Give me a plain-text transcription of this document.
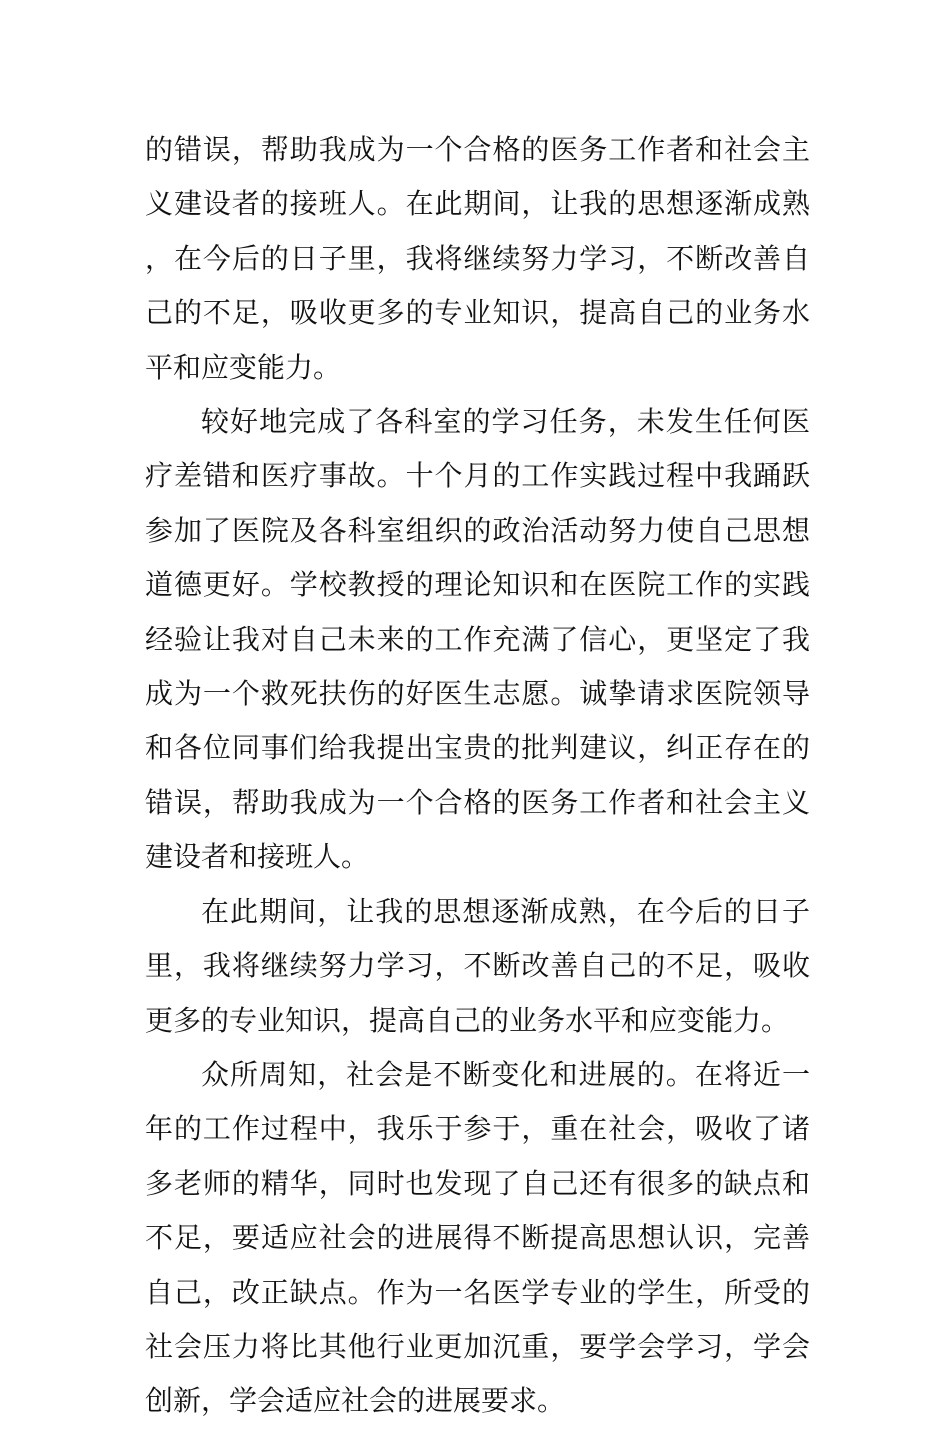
的错误，帮助我成为一个合格的医务工作者和社会主义建设者的接班人。在此期间，让我的思想逐渐成熟，在今后的日子里，我将继续努力学习，不断改善自己的不足，吸收更多的专业知识，提高自己的业务水平和应变能力。

较好地完成了各科室的学习任务，未发生任何医疗差错和医疗事故。十个月的工作实践过程中我踊跃参加了医院及各科室组织的政治活动努力使自己思想道德更好。学校教授的理论知识和在医院工作的实践经验让我对自己未来的工作充满了信心，更坚定了我成为一个救死扶伤的好医生志愿。诚挚请求医院领导和各位同事们给我提出宝贵的批判建议，纠正存在的错误，帮助我成为一个合格的医务工作者和社会主义建设者和接班人。

在此期间，让我的思想逐渐成熟，在今后的日子里，我将继续努力学习，不断改善自己的不足，吸收更多的专业知识，提高自己的业务水平和应变能力。

众所周知，社会是不断变化和进展的。在将近一年的工作过程中，我乐于参于，重在社会，吸收了诸多老师的精华，同时也发现了自己还有很多的缺点和不足，要适应社会的进展得不断提高思想认识，完善自己，改正缺点。作为一名医学专业的学生，所受的社会压力将比其他行业更加沉重，要学会学习，学会创新，学会适应社会的进展要求。
